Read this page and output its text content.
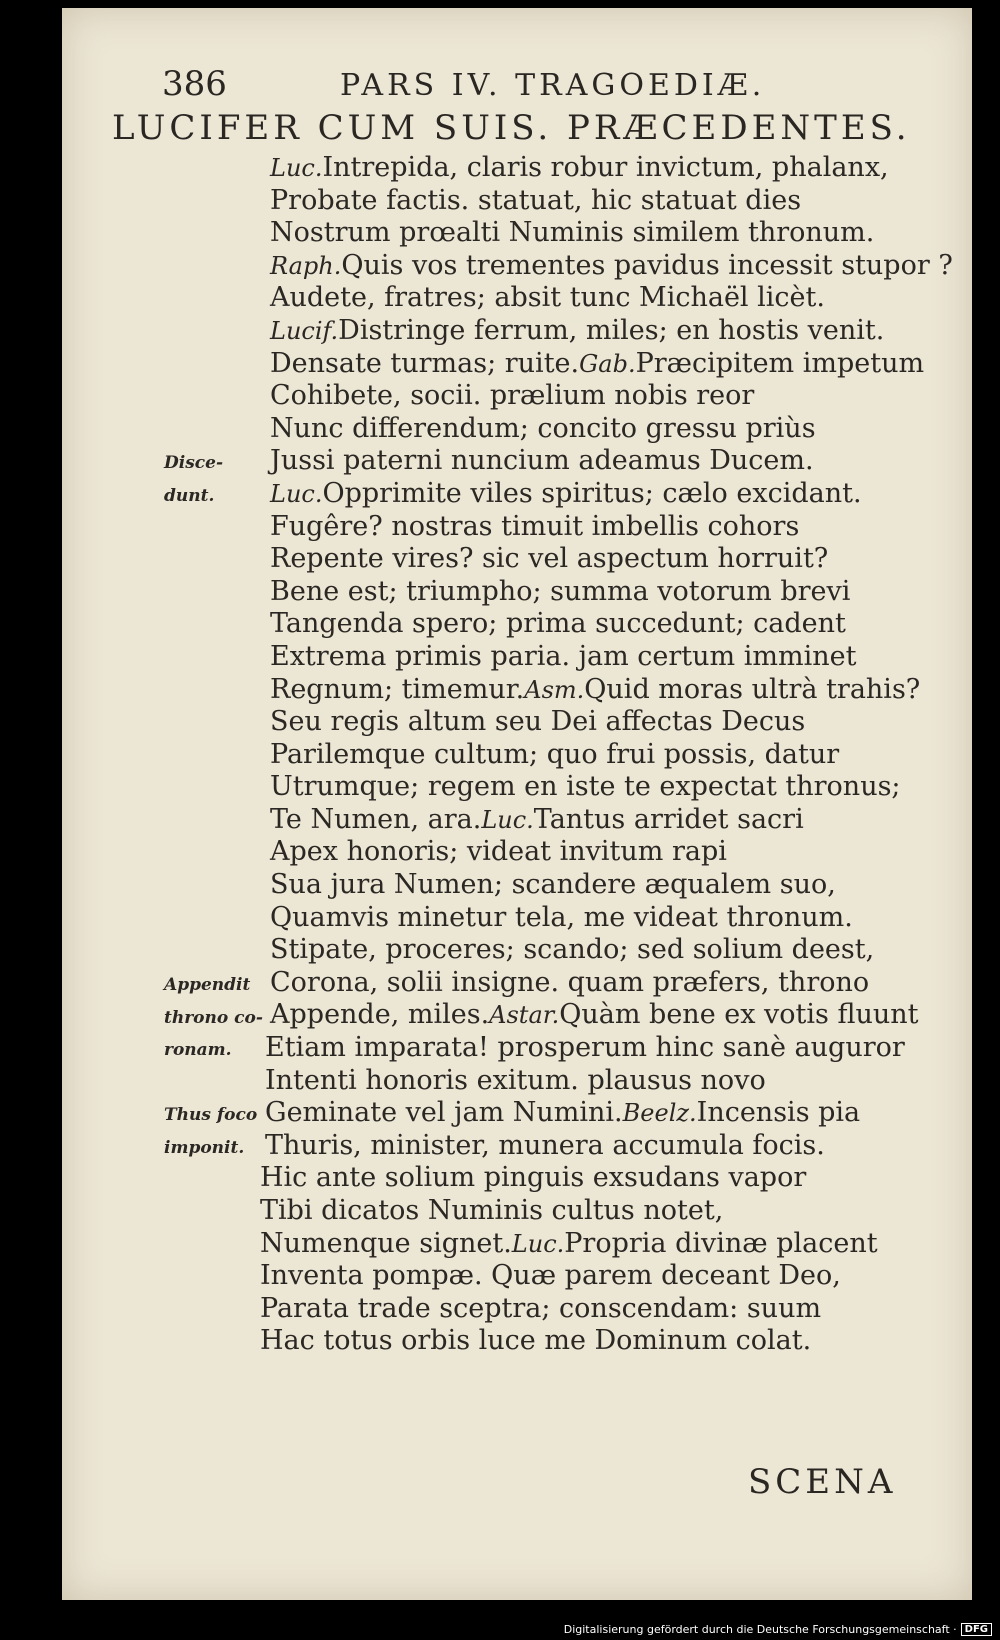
386	PARS IV. TRAGOEDIÆ.
LUCIFER CUM SUIS. PRÆCEDENTES.
Luc.Intrepida, claris robur invictum, phalanx,
Probate factis. statuat, hic statuat dies
Nostrum prœalti Numinis similem thronum.
Raph.Quis vos trementes pavidus incessit stupor ?
Audete, fratres; absit tunc Michaël licèt.
Lucif.Distringe ferrum, miles; en hostis venit.
Densate turmas; ruite.Gab.Præcipitem impetum
Cohibete, socii. prælium nobis reor
Nunc differendum; concito gressu priùs
Jussi paterni nuncium adeamus Ducem.
Luc.Opprimite viles spiritus; cælo excidant.
Fugêre? nostras timuit imbellis cohors
Repente vires? sic vel aspectum horruit?
Bene est; triumpho; summa votorum brevi
Tangenda spero; prima succedunt; cadent
Extrema primis paria. jam certum imminet
Regnum; timemur.Asm.Quid moras ultrà trahis?
Seu regis altum seu Dei affectas Decus
Parilemque cultum; quo frui possis, datur
Utrumque; regem en iste te expectat thronus;
Te Numen, ara.Luc.Tantus arridet sacri
Apex honoris; videat invitum rapi
Sua jura Numen; scandere æqualem suo,
Quamvis minetur tela, me videat thronum.
Stipate, proceres; scando; sed solium deest,
Corona, solii insigne. quam præfers, throno
Appende, miles.Astar.Quàm bene ex votis fluunt
Etiam imparata! prosperum hinc sanè auguror
Intenti honoris exitum. plausus novo
Geminate vel jam Numini.Beelz.Incensis pia
Thuris, minister, munera accumula focis.
Hic ante solium pinguis exsudans vapor
Tibi dicatos Numinis cultus notet,
Numenque signet.Luc.Propria divinæ placent
Inventa pompæ. Quæ parem deceant Deo,
Parata trade sceptra; conscendam: suum
Hac totus orbis luce me Dominum colat.
Disce-
dunt.
Appendit
throno co-
ronam.
Thus foco
imponit.
SCENA
Digitalisierung gefördert durch die Deutsche Forschungsgemeinschaft · DFG
